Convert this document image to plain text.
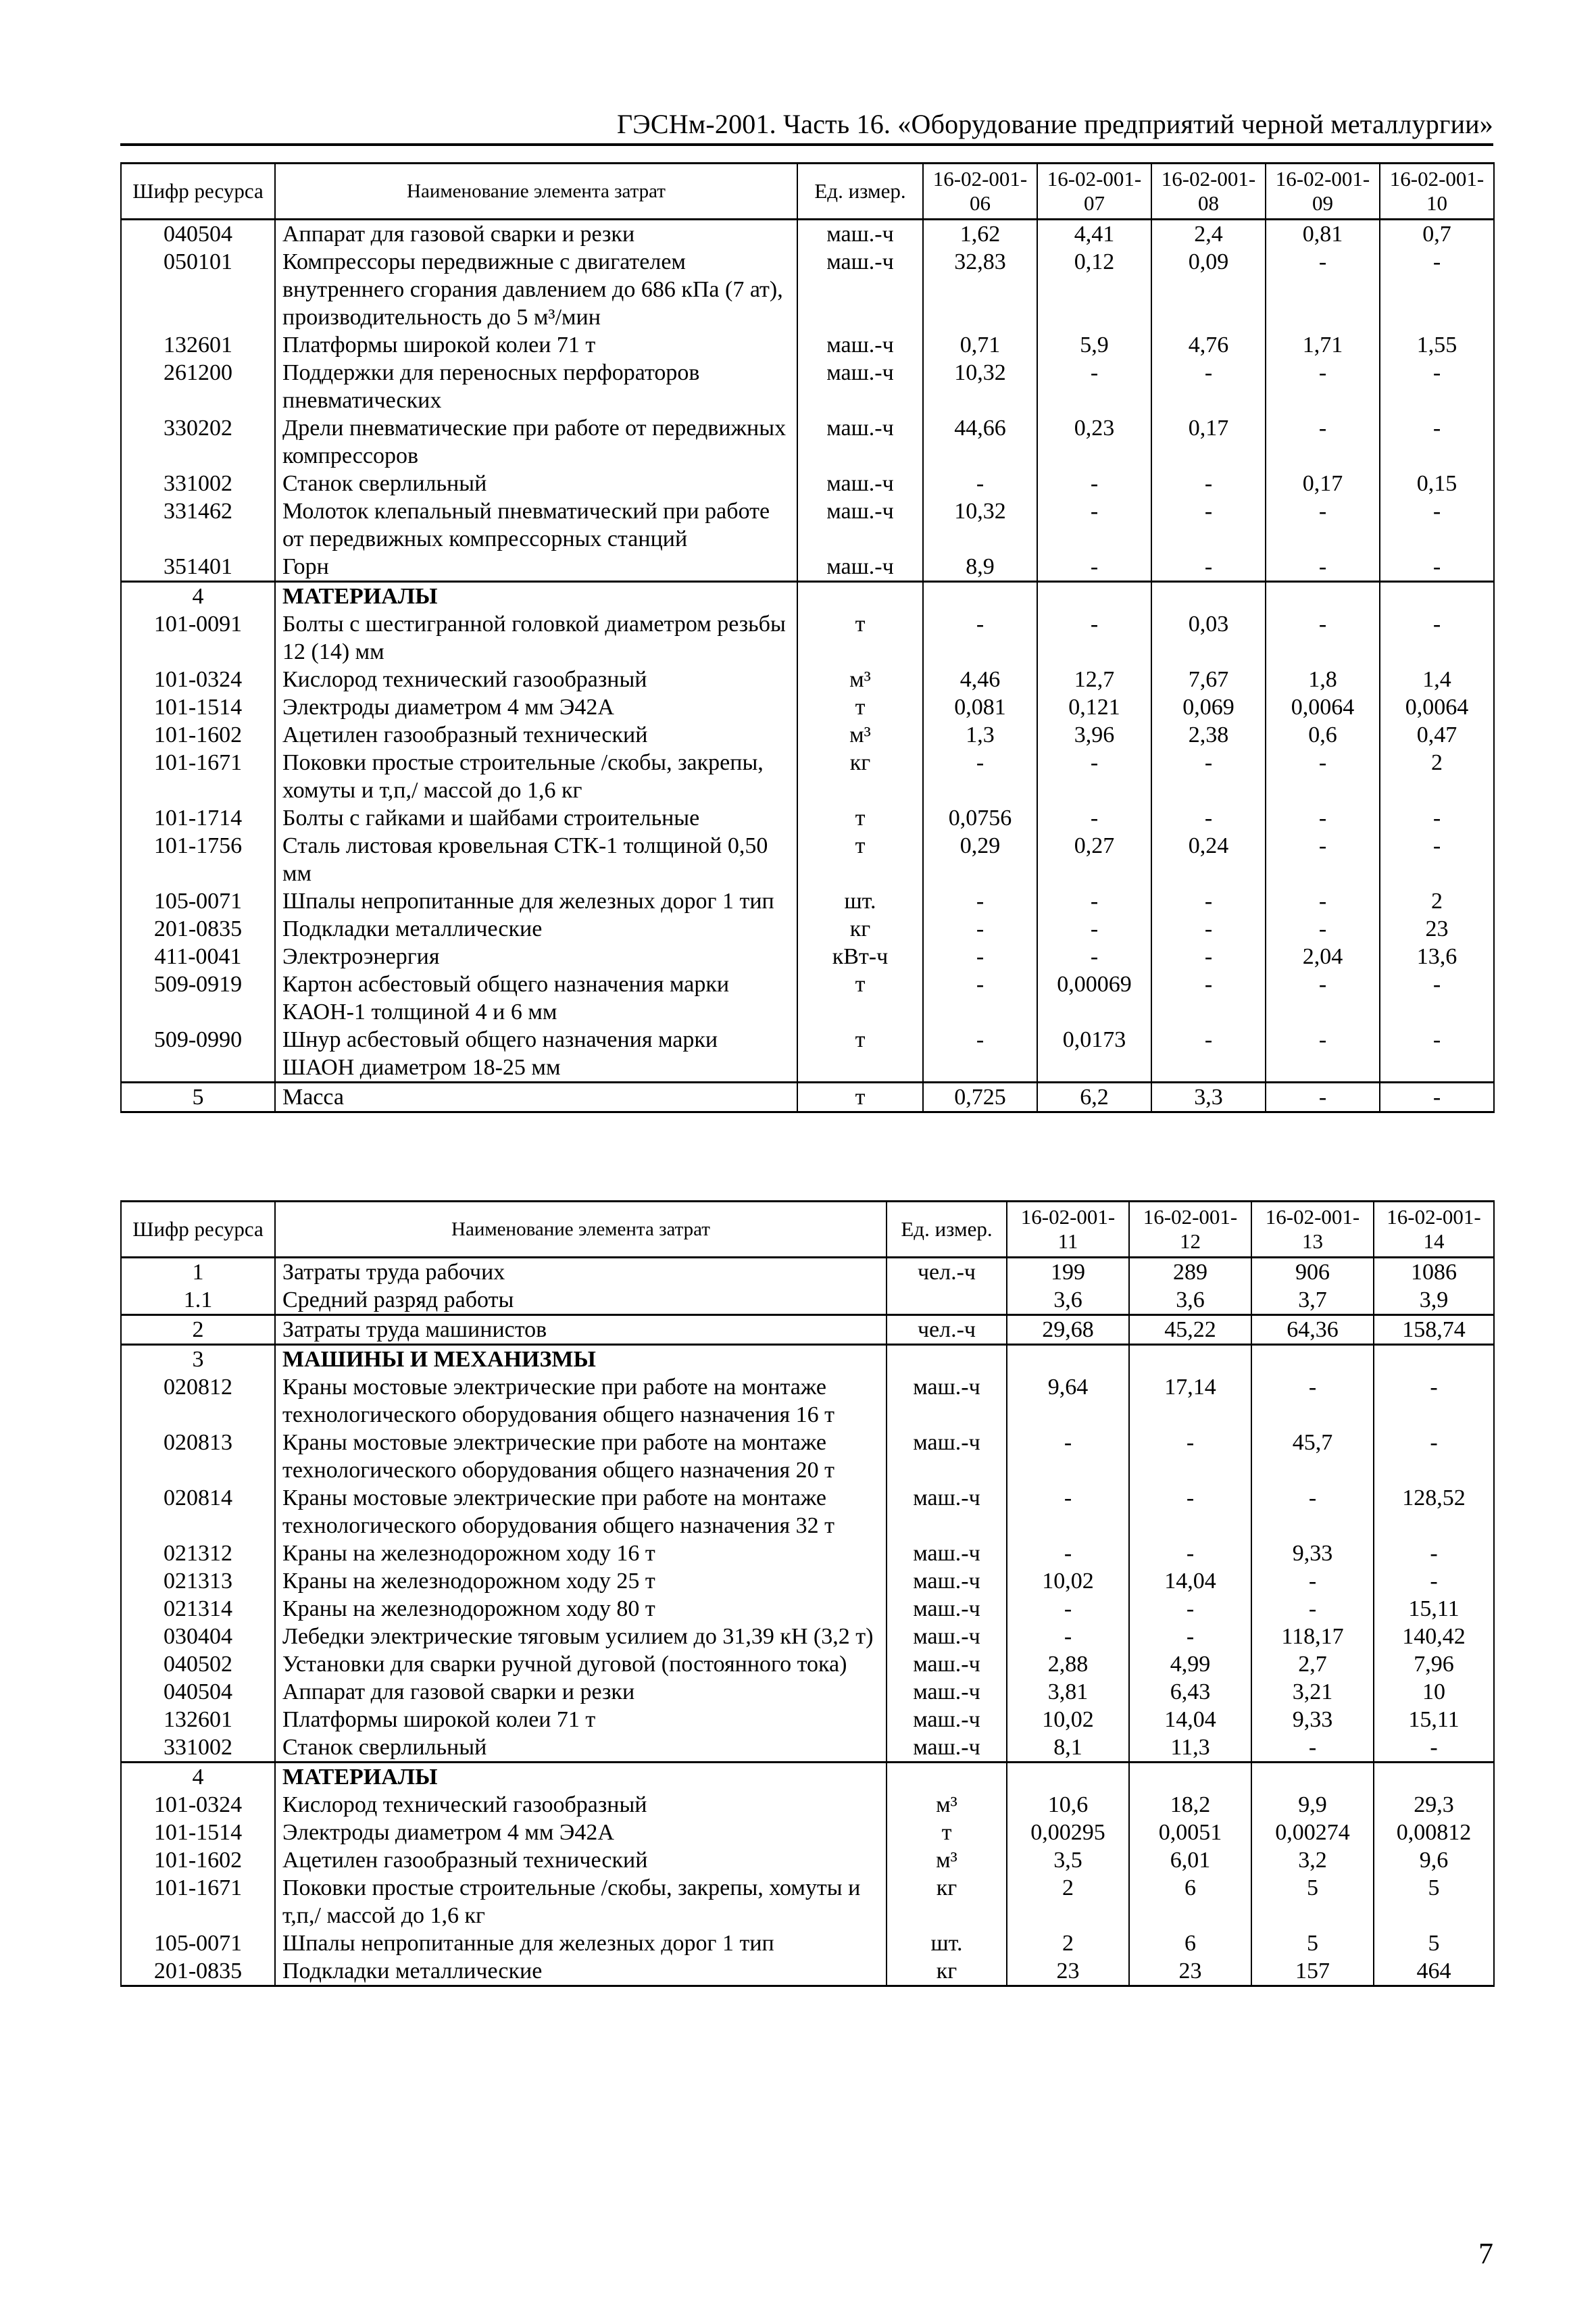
ГЭСНм-2001. Часть 16. «Оборудование предприятий черной металлургии»
Шифр ресурса	Наименование элемента затрат	Ед. измер.	16-02-001-06	16-02-001-07	16-02-001-08	16-02-001-09	16-02-001-10
040504	Аппарат для газовой сварки и резки	маш.-ч	1,62	4,41	2,4	0,81	0,7
050101	Компрессоры передвижные с двигателем внутреннего сгорания давлением до 686 кПа (7 ат), производительность до 5 м³/мин	маш.-ч	32,83	0,12	0,09	-	-
132601	Платформы широкой колеи 71 т	маш.-ч	0,71	5,9	4,76	1,71	1,55
261200	Поддержки для переносных перфораторов пневматических	маш.-ч	10,32	-	-	-	-
330202	Дрели пневматические при работе от передвижных компрессоров	маш.-ч	44,66	0,23	0,17	-	-
331002	Станок сверлильный	маш.-ч	-	-	-	0,17	0,15
331462	Молоток клепальный пневматический при работе от передвижных компрессорных станций	маш.-ч	10,32	-	-	-	-
351401	Горн	маш.-ч	8,9	-	-	-	-
4	МАТЕРИАЛЫ						
101-0091	Болты с шестигранной головкой диаметром резьбы 12 (14) мм	т	-	-	0,03	-	-
101-0324	Кислород технический газообразный	м³	4,46	12,7	7,67	1,8	1,4
101-1514	Электроды диаметром 4 мм Э42А	т	0,081	0,121	0,069	0,0064	0,0064
101-1602	Ацетилен газообразный технический	м³	1,3	3,96	2,38	0,6	0,47
101-1671	Поковки простые строительные /скобы, закрепы, хомуты и т,п,/ массой до 1,6 кг	кг	-	-	-	-	2
101-1714	Болты с гайками и шайбами строительные	т	0,0756	-	-	-	-
101-1756	Сталь листовая кровельная СТК-1 толщиной 0,50 мм	т	0,29	0,27	0,24	-	-
105-0071	Шпалы непропитанные для железных дорог 1 тип	шт.	-	-	-	-	2
201-0835	Подкладки металлические	кг	-	-	-	-	23
411-0041	Электроэнергия	кВт-ч	-	-	-	2,04	13,6
509-0919	Картон асбестовый общего назначения марки КАОН-1 толщиной 4 и 6 мм	т	-	0,00069	-	-	-
509-0990	Шнур асбестовый общего назначения марки ШАОН диаметром 18-25 мм	т	-	0,0173	-	-	-
5	Масса	т	0,725	6,2	3,3	-	-
Шифр ресурса	Наименование элемента затрат	Ед. измер.	16-02-001-11	16-02-001-12	16-02-001-13	16-02-001-14
1	Затраты труда рабочих	чел.-ч	199	289	906	1086
1.1	Средний разряд работы		3,6	3,6	3,7	3,9
2	Затраты труда машинистов	чел.-ч	29,68	45,22	64,36	158,74
3	МАШИНЫ И МЕХАНИЗМЫ					
020812	Краны мостовые электрические при работе на монтаже технологического оборудования общего назначения 16 т	маш.-ч	9,64	17,14	-	-
020813	Краны мостовые электрические при работе на монтаже технологического оборудования общего назначения 20 т	маш.-ч	-	-	45,7	-
020814	Краны мостовые электрические при работе на монтаже технологического оборудования общего назначения 32 т	маш.-ч	-	-	-	128,52
021312	Краны на железнодорожном ходу 16 т	маш.-ч	-	-	9,33	-
021313	Краны на железнодорожном ходу 25 т	маш.-ч	10,02	14,04	-	-
021314	Краны на железнодорожном ходу 80 т	маш.-ч	-	-	-	15,11
030404	Лебедки электрические тяговым усилием до 31,39 кН (3,2 т)	маш.-ч	-	-	118,17	140,42
040502	Установки для сварки ручной дуговой (постоянного тока)	маш.-ч	2,88	4,99	2,7	7,96
040504	Аппарат для газовой сварки и резки	маш.-ч	3,81	6,43	3,21	10
132601	Платформы широкой колеи 71 т	маш.-ч	10,02	14,04	9,33	15,11
331002	Станок сверлильный	маш.-ч	8,1	11,3	-	-
4	МАТЕРИАЛЫ					
101-0324	Кислород технический газообразный	м³	10,6	18,2	9,9	29,3
101-1514	Электроды диаметром 4 мм Э42А	т	0,00295	0,0051	0,00274	0,00812
101-1602	Ацетилен газообразный технический	м³	3,5	6,01	3,2	9,6
101-1671	Поковки простые строительные /скобы, закрепы, хомуты и т,п,/ массой до 1,6 кг	кг	2	6	5	5
105-0071	Шпалы непропитанные для железных дорог 1 тип	шт.	2	6	5	5
201-0835	Подкладки металлические	кг	23	23	157	464
7
